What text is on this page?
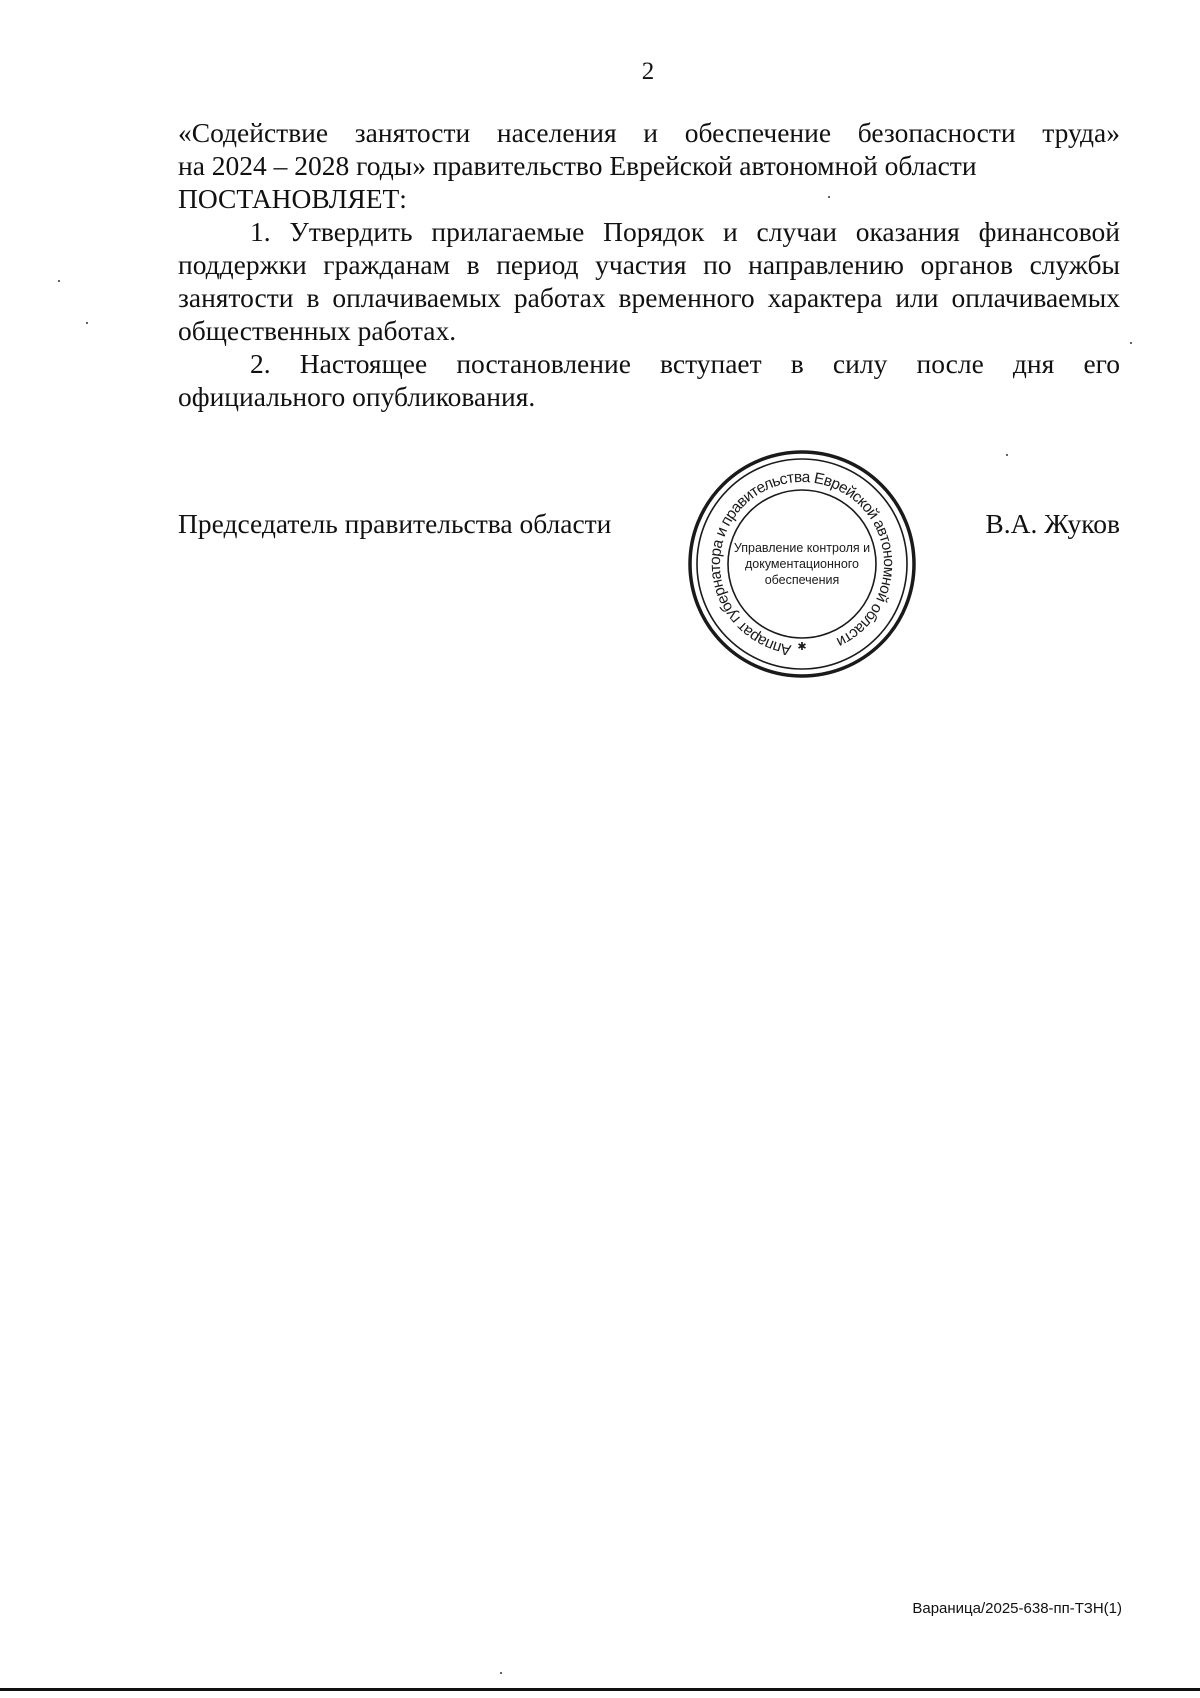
2

«Содействие занятости населения и обеспечение безопасности труда»

на 2024 – 2028 годы» правительство Еврейской автономной области

ПОСТАНОВЛЯЕТ:

1. Утвердить прилагаемые Порядок и случаи оказания финансовой

поддержки гражданам в период участия по направлению органов службы

занятости в оплачиваемых работах временного характера или оплачиваемых

общественных работах.

2. Настоящее постановление вступает в силу после дня его

официального опубликования.

Председатель правительства области	В.А. Жуков
Аппарат губернатора и правительства Еврейской автономной области
✱
Управление контроля и
документационного
обеспечения
Вараница/2025-638-пп-ТЗН(1)
